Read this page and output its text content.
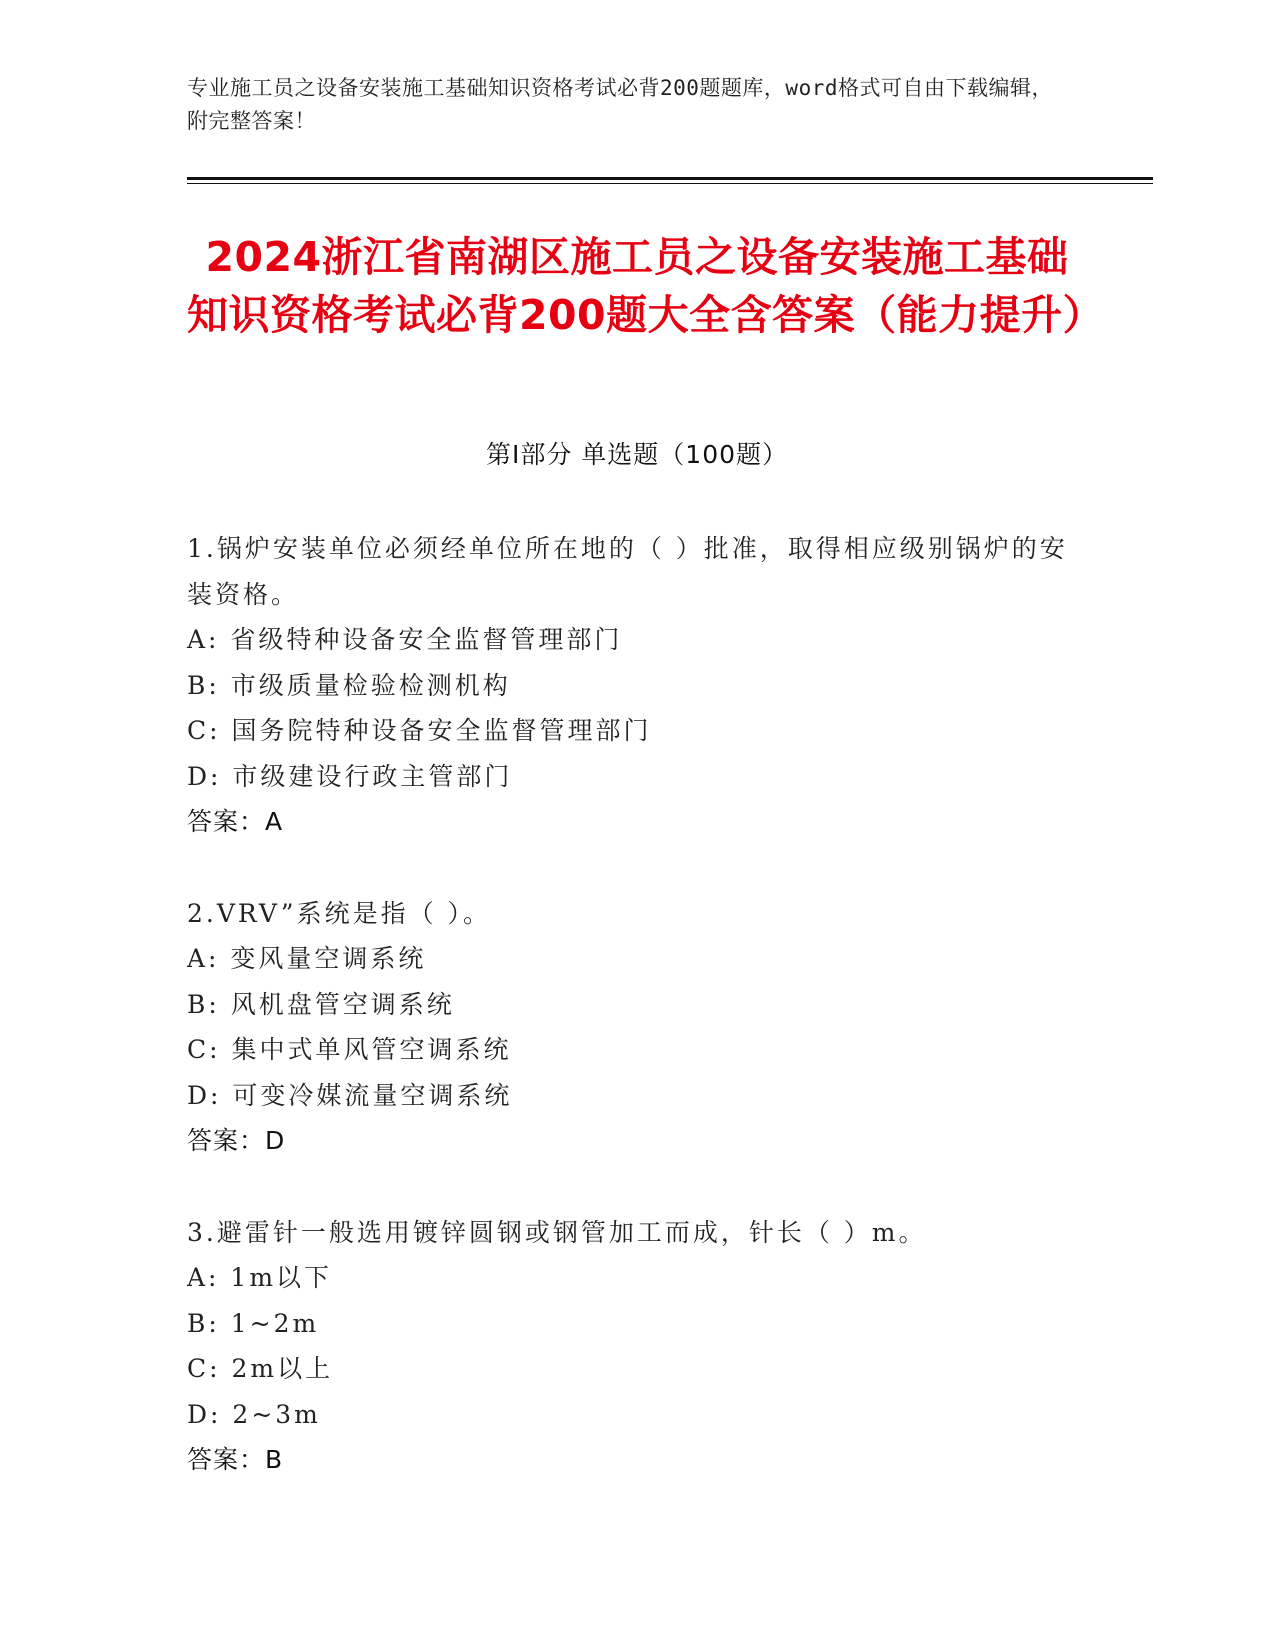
专业施工员之设备安装施工基础知识资格考试必背200题题库，word格式可自由下载编辑，附完整答案！
2024浙江省南湖区施工员之设备安装施工基础知识资格考试必背200题大全含答案（能力提升）
第Ⅰ部分 单选题（100题）
1.锅炉安装单位必须经单位所在地的（ ）批准，取得相应级别锅炉的安装资格。
A: 省级特种设备安全监督管理部门
B: 市级质量检验检测机构
C: 国务院特种设备安全监督管理部门
D: 市级建设行政主管部门
答案：A
2.VRV”系统是指（ ）。
A: 变风量空调系统
B: 风机盘管空调系统
C: 集中式单风管空调系统
D: 可变冷媒流量空调系统
答案：D
3.避雷针一般选用镀锌圆钢或钢管加工而成，针长（ ）m。
A: 1m以下
B: 1~2m
C: 2m以上
D: 2~3m
答案：B
